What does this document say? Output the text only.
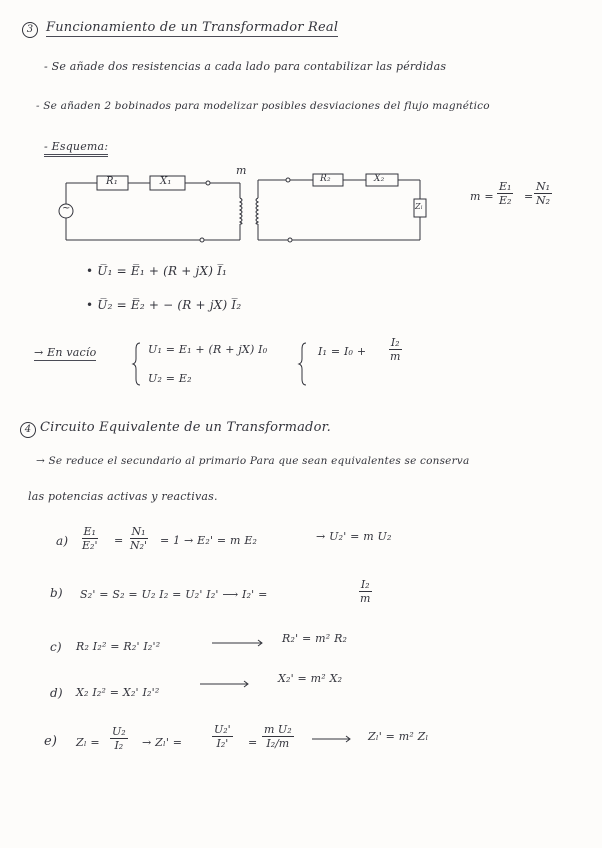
3 Funcionamiento de un Transformador Real
- Se añade dos resistencias a cada lado para contabilizar las pérdidas
- Se añaden 2 bobinados para modelizar posibles desviaciones del flujo magnético
- Esquema:
R₁	X₁
m
~
R₂	X₂
Zₗ
$m = \frac{\text{E₁}}{\text{E₂}} = \frac{\text{N₁}}{\text{N₂}}$
• U̅₁ = E̅₁ + (R + jX) I̅₁
• U̅₂ = E̅₂ + − (R + jX) I̅₂
→ En vacío	U₁ = E₁ + (R + jX) I₀
U₂ = E₂
$I_1 = I_0 + \frac{\text{I₂}}{m}$
4 Circuito Equivalente de un Transformador.
→ Se reduce el secundario al primario Para que sean equivalentes se conserva
las potencias activas y reactivas.
$a) \frac{\text{E₁}}{\text{E₂'}} = \frac{\text{N₁}}{\text{N₂'}} = 1 \to E_2' = m$ E₂	→ U₂' = m U₂
b) S₂' = S₂ = U₂ I₂ = U₂' I₂' ⟶ I₂' =	$\frac{\text{I₂}}{m}$
c) R₂ I₂² = R₂' I₂'²
R₂' = m² R₂
d) X₂ I₂² = X₂' I₂'²
X₂' = m² X₂
e) $Z_l = \frac{\text{U₂}}{\text{I₂}} \to Z_l'$ =	$\frac{\text{U₂'}}{\text{I₂'}} = \frac{\text{m U₂}}{\text{I₂/m}}$	Zₗ' = m² Zₗ
